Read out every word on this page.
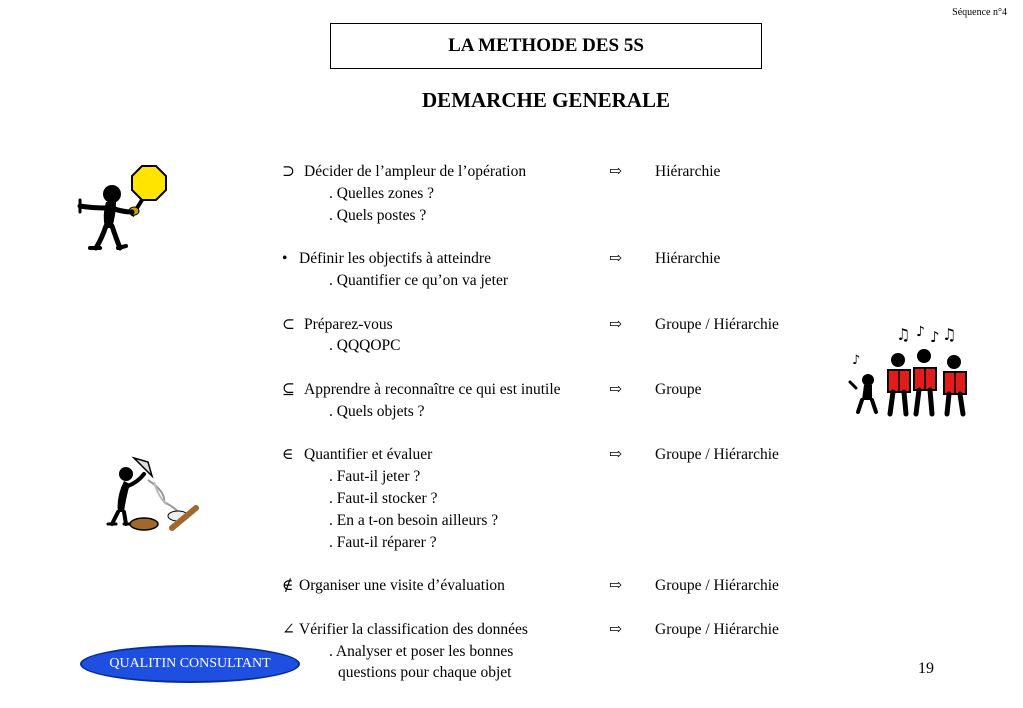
Séquence n°4
LA METHODE DES 5S
DEMARCHE GENERALE
⊃ Décider de l’ampleur de l’opération	⇨ Hiérarchie
. Quelles zones ?
. Quels postes ?
• Définir les objectifs à atteindre	⇨ Hiérarchie
. Quantifier ce qu’on va jeter
⊂ Préparez-vous	⇨ Groupe / Hiérarchie
. QQQOPC
⊆ Apprendre à reconnaître ce qui est inutile	⇨ Groupe
. Quels objets ?
∈ Quantifier et évaluer	⇨ Groupe / Hiérarchie
. Faut-il jeter ?
. Faut-il stocker ?
. En a t-on besoin ailleurs ?
. Faut-il réparer ?
∉ Organiser une visite d’évaluation	⇨ Groupe / Hiérarchie
∠ Vérifier la classification des données	⇨ Groupe / Hiérarchie
. Analyser et poser les bonnes
questions pour chaque objet
♫ ♪ ♪ ♫
♪
QUALITIN CONSULTANT	19
